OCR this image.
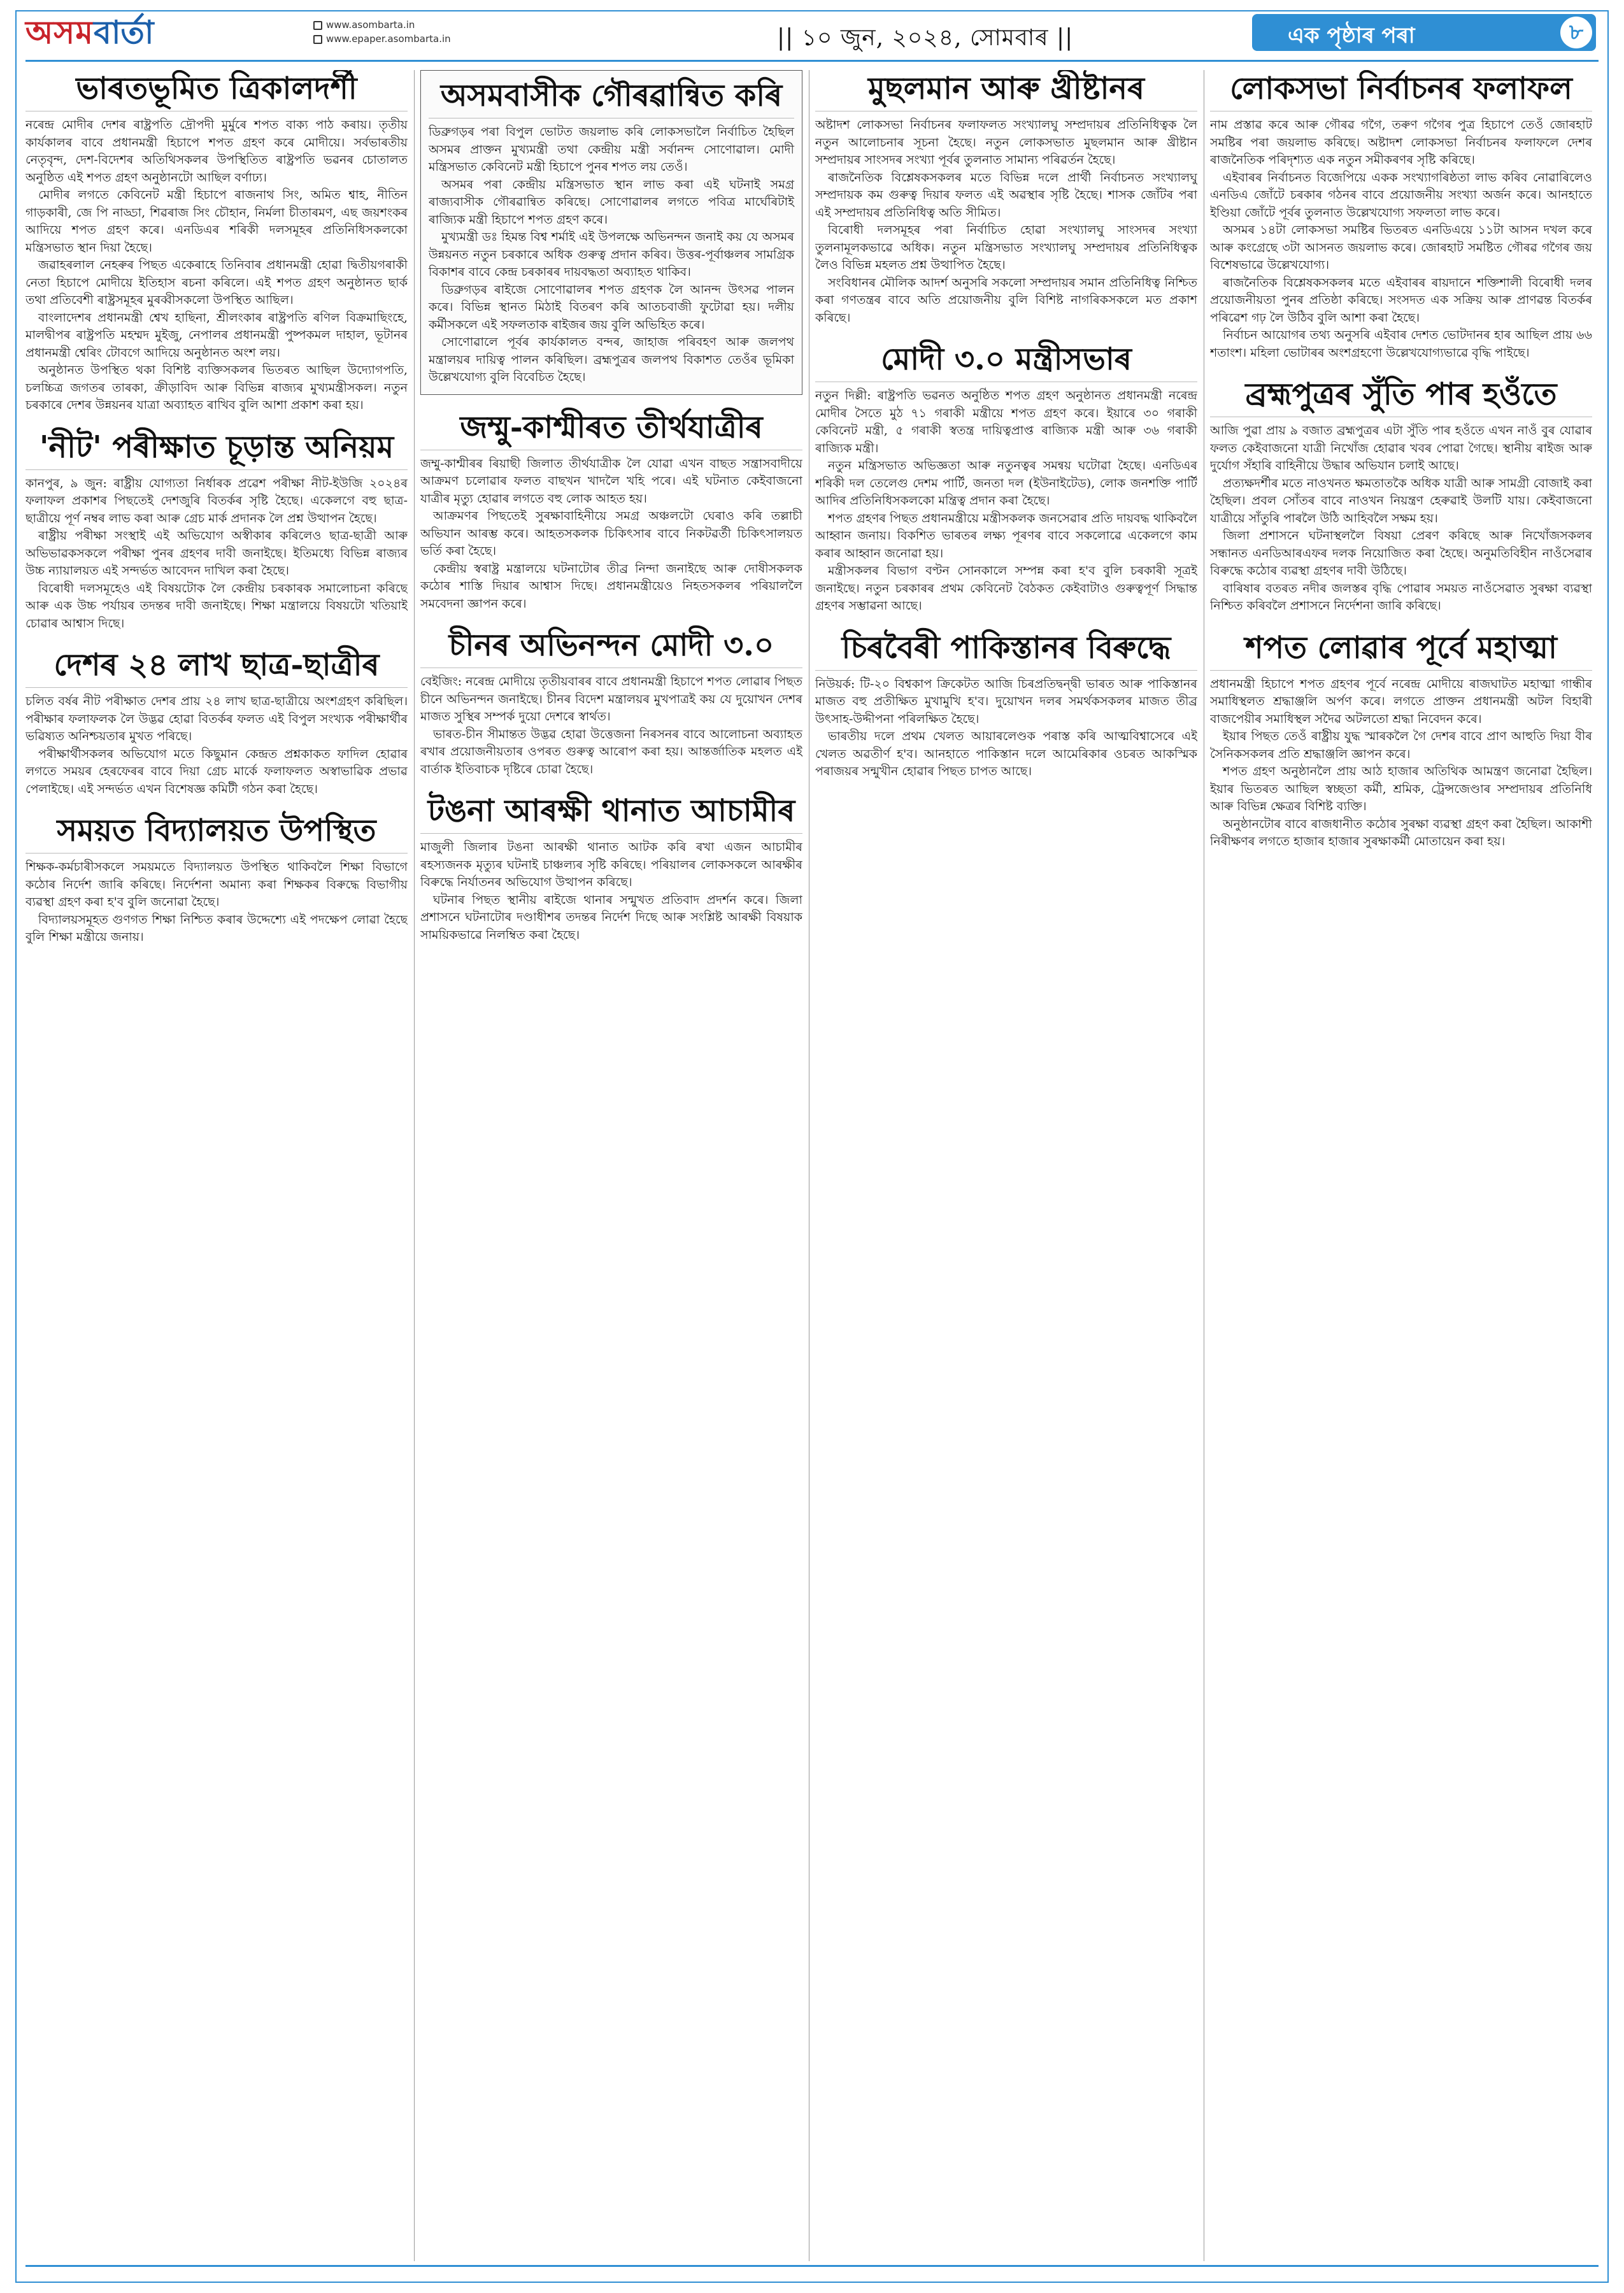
অসম বাৰ্তা	www.asombarta.in
www.epaper.asombarta.in	|| ১০ জুন, ২০২৪, সোমবাৰ ||	এক পৃষ্ঠাৰ পৰা	৮
ভাৰতভূমিত ত্ৰিকালদৰ্শী

নৰেন্দ্ৰ মোদীৰ দেশৰ ৰাষ্ট্ৰপতি দ্ৰৌপদী মুৰ্মুৰে শপত বাক্য পাঠ কৰায়। তৃতীয় কাৰ্যকালৰ বাবে প্ৰধানমন্ত্ৰী হিচাপে শপত গ্ৰহণ কৰে মোদীয়ে। সৰ্বভাৰতীয় নেতৃবৃন্দ, দেশ-বিদেশৰ অতিথিসকলৰ উপস্থিতিত ৰাষ্ট্ৰপতি ভৱনৰ চোতালত অনুষ্ঠিত এই শপত গ্ৰহণ অনুষ্ঠানটো আছিল বৰ্ণাঢ্য।

মোদীৰ লগতে কেবিনেট মন্ত্ৰী হিচাপে ৰাজনাথ সিং, অমিত শ্বাহ, নীতিন গাড়কাৰী, জে পি নাড্ডা, শিৱৰাজ সিং চৌহান, নিৰ্মলা চীতাৰমণ, এছ জয়শংকৰ আদিয়ে শপত গ্ৰহণ কৰে। এনডিএৰ শৰিকী দলসমূহৰ প্ৰতিনিধিসকলকো মন্ত্ৰিসভাত স্থান দিয়া হৈছে।

জৱাহৰলাল নেহৰুৰ পিছত একেৰাহে তিনিবাৰ প্ৰধানমন্ত্ৰী হোৱা দ্বিতীয়গৰাকী নেতা হিচাপে মোদীয়ে ইতিহাস ৰচনা কৰিলে। এই শপত গ্ৰহণ অনুষ্ঠানত ছাৰ্ক তথা প্ৰতিবেশী ৰাষ্ট্ৰসমূহৰ মুৰব্বীসকলো উপস্থিত আছিল।

বাংলাদেশৰ প্ৰধানমন্ত্ৰী শ্বেখ হাছিনা, শ্ৰীলংকাৰ ৰাষ্ট্ৰপতি ৰণিল বিক্ৰমাছিংহে, মালদ্বীপৰ ৰাষ্ট্ৰপতি মহম্মদ মুইজু, নেপালৰ প্ৰধানমন্ত্ৰী পুষ্পকমল দাহাল, ভূটানৰ প্ৰধানমন্ত্ৰী শ্বেৰিং টোবগে আদিয়ে অনুষ্ঠানত অংশ লয়।

অনুষ্ঠানত উপস্থিত থকা বিশিষ্ট ব্যক্তিসকলৰ ভিতৰত আছিল উদ্যোগপতি, চলচ্চিত্ৰ জগতৰ তাৰকা, ক্ৰীড়াবিদ আৰু বিভিন্ন ৰাজ্যৰ মুখ্যমন্ত্ৰীসকল। নতুন চৰকাৰে দেশৰ উন্নয়নৰ যাত্ৰা অব্যাহত ৰাখিব বুলি আশা প্ৰকাশ কৰা হয়।

'নীট' পৰীক্ষাত চূড়ান্ত অনিয়ম

কানপুৰ, ৯ জুন: ৰাষ্ট্ৰীয় যোগ্যতা নিৰ্ধাৰক প্ৰৱেশ পৰীক্ষা নীট-ইউজি ২০২৪ৰ ফলাফল প্ৰকাশৰ পিছতেই দেশজুৰি বিতৰ্কৰ সৃষ্টি হৈছে। একেলগে বহু ছাত্ৰ-ছাত্ৰীয়ে পূৰ্ণ নম্বৰ লাভ কৰা আৰু গ্ৰেচ মাৰ্ক প্ৰদানক লৈ প্ৰশ্ন উত্থাপন হৈছে।

ৰাষ্ট্ৰীয় পৰীক্ষা সংস্থাই এই অভিযোগ অস্বীকাৰ কৰিলেও ছাত্ৰ-ছাত্ৰী আৰু অভিভাৱকসকলে পৰীক্ষা পুনৰ গ্ৰহণৰ দাবী জনাইছে। ইতিমধ্যে বিভিন্ন ৰাজ্যৰ উচ্চ ন্যায়ালয়ত এই সন্দৰ্ভত আবেদন দাখিল কৰা হৈছে।

বিৰোধী দলসমূহেও এই বিষয়টোক লৈ কেন্দ্ৰীয় চৰকাৰক সমালোচনা কৰিছে আৰু এক উচ্চ পৰ্যায়ৰ তদন্তৰ দাবী জনাইছে। শিক্ষা মন্ত্ৰালয়ে বিষয়টো খতিয়াই চোৱাৰ আশ্বাস দিছে।

দেশৰ ২৪ লাখ ছাত্ৰ-ছাত্ৰীৰ

চলিত বৰ্ষৰ নীট পৰীক্ষাত দেশৰ প্ৰায় ২৪ লাখ ছাত্ৰ-ছাত্ৰীয়ে অংশগ্ৰহণ কৰিছিল। পৰীক্ষাৰ ফলাফলক লৈ উদ্ভৱ হোৱা বিতৰ্কৰ ফলত এই বিপুল সংখ্যক পৰীক্ষাৰ্থীৰ ভৱিষ্যত অনিশ্চয়তাৰ মুখত পৰিছে।

পৰীক্ষাৰ্থীসকলৰ অভিযোগ মতে কিছুমান কেন্দ্ৰত প্ৰশ্নকাকত ফাদিল হোৱাৰ লগতে সময়ৰ হেৰফেৰৰ বাবে দিয়া গ্ৰেচ মাৰ্কে ফলাফলত অস্বাভাৱিক প্ৰভাৱ পেলাইছে। এই সন্দৰ্ভত এখন বিশেষজ্ঞ কমিটী গঠন কৰা হৈছে।

সময়ত বিদ্যালয়ত উপস্থিত

শিক্ষক-কৰ্মচাৰীসকলে সময়মতে বিদ্যালয়ত উপস্থিত থাকিবলৈ শিক্ষা বিভাগে কঠোৰ নিৰ্দেশ জাৰি কৰিছে। নিৰ্দেশনা অমান্য কৰা শিক্ষকৰ বিৰুদ্ধে বিভাগীয় ব্যৱস্থা গ্ৰহণ কৰা হ'ব বুলি জনোৱা হৈছে।

বিদ্যালয়সমূহত গুণগত শিক্ষা নিশ্চিত কৰাৰ উদ্দেশ্যে এই পদক্ষেপ লোৱা হৈছে বুলি শিক্ষা মন্ত্ৰীয়ে জনায়।

অসমবাসীক গৌৰৱান্বিত কৰি

ডিব্ৰুগড়ৰ পৰা বিপুল ভোটত জয়লাভ কৰি লোকসভালৈ নিৰ্বাচিত হৈছিল অসমৰ প্ৰাক্তন মুখ্যমন্ত্ৰী তথা কেন্দ্ৰীয় মন্ত্ৰী সৰ্বানন্দ সোণোৱাল। মোদী মন্ত্ৰিসভাত কেবিনেট মন্ত্ৰী হিচাপে পুনৰ শপত লয় তেওঁ।

অসমৰ পৰা কেন্দ্ৰীয় মন্ত্ৰিসভাত স্থান লাভ কৰা এই ঘটনাই সমগ্ৰ ৰাজ্যবাসীক গৌৰৱান্বিত কৰিছে। সোণোৱালৰ লগতে পবিত্ৰ মাৰ্ঘেৰিটাই ৰাজ্যিক মন্ত্ৰী হিচাপে শপত গ্ৰহণ কৰে।

মুখ্যমন্ত্ৰী ডঃ হিমন্ত বিশ্ব শৰ্মাই এই উপলক্ষে অভিনন্দন জনাই কয় যে অসমৰ উন্নয়নত নতুন চৰকাৰে অধিক গুৰুত্ব প্ৰদান কৰিব। উত্তৰ-পূৰ্বাঞ্চলৰ সামগ্ৰিক বিকাশৰ বাবে কেন্দ্ৰ চৰকাৰৰ দায়বদ্ধতা অব্যাহত থাকিব।

ডিব্ৰুগড়ৰ ৰাইজে সোণোৱালৰ শপত গ্ৰহণক লৈ আনন্দ উৎসৱ পালন কৰে। বিভিন্ন স্থানত মিঠাই বিতৰণ কৰি আতচবাজী ফুটোৱা হয়। দলীয় কৰ্মীসকলে এই সফলতাক ৰাইজৰ জয় বুলি অভিহিত কৰে।

সোণোৱালে পূৰ্বৰ কাৰ্যকালত বন্দৰ, জাহাজ পৰিবহণ আৰু জলপথ মন্ত্ৰালয়ৰ দায়িত্ব পালন কৰিছিল। ব্ৰহ্মপুত্ৰৰ জলপথ বিকাশত তেওঁৰ ভূমিকা উল্লেখযোগ্য বুলি বিবেচিত হৈছে।

জম্মু-কাশ্মীৰত তীৰ্থযাত্ৰীৰ

জম্মু-কাশ্মীৰৰ ৰিয়াছী জিলাত তীৰ্থযাত্ৰীক লৈ যোৱা এখন বাছত সন্ত্ৰাসবাদীয়ে আক্ৰমণ চলোৱাৰ ফলত বাছখন খাদলৈ খহি পৰে। এই ঘটনাত কেইবাজনো যাত্ৰীৰ মৃত্যু হোৱাৰ লগতে বহু লোক আহত হয়।

আক্ৰমণৰ পিছতেই সুৰক্ষাবাহিনীয়ে সমগ্ৰ অঞ্চলটো ঘেৰাও কৰি তল্লাচী অভিযান আৰম্ভ কৰে। আহতসকলক চিকিৎসাৰ বাবে নিকটৱৰ্তী চিকিৎসালয়ত ভৰ্তি কৰা হৈছে।

কেন্দ্ৰীয় স্বৰাষ্ট্ৰ মন্ত্ৰালয়ে ঘটনাটোৰ তীব্ৰ নিন্দা জনাইছে আৰু দোষীসকলক কঠোৰ শাস্তি দিয়াৰ আশ্বাস দিছে। প্ৰধানমন্ত্ৰীয়েও নিহতসকলৰ পৰিয়াললৈ সমবেদনা জ্ঞাপন কৰে।

চীনৰ অভিনন্দন মোদী ৩.০

বেইজিং: নৰেন্দ্ৰ মোদীয়ে তৃতীয়বাৰৰ বাবে প্ৰধানমন্ত্ৰী হিচাপে শপত লোৱাৰ পিছত চীনে অভিনন্দন জনাইছে। চীনৰ বিদেশ মন্ত্ৰালয়ৰ মুখপাত্ৰই কয় যে দুয়োখন দেশৰ মাজত সুস্থিৰ সম্পৰ্ক দুয়ো দেশৰে স্বাৰ্থত।

ভাৰত-চীন সীমান্তত উদ্ভৱ হোৱা উত্তেজনা নিৰসনৰ বাবে আলোচনা অব্যাহত ৰখাৰ প্ৰয়োজনীয়তাৰ ওপৰত গুৰুত্ব আৰোপ কৰা হয়। আন্তৰ্জাতিক মহলত এই বাৰ্তাক ইতিবাচক দৃষ্টিৰে চোৱা হৈছে।

টঙনা আৰক্ষী থানাত আচামীৰ

মাজুলী জিলাৰ টঙনা আৰক্ষী থানাত আটক কৰি ৰখা এজন আচামীৰ ৰহস্যজনক মৃত্যুৰ ঘটনাই চাঞ্চল্যৰ সৃষ্টি কৰিছে। পৰিয়ালৰ লোকসকলে আৰক্ষীৰ বিৰুদ্ধে নিৰ্যাতনৰ অভিযোগ উত্থাপন কৰিছে।

ঘটনাৰ পিছত স্থানীয় ৰাইজে থানাৰ সন্মুখত প্ৰতিবাদ প্ৰদৰ্শন কৰে। জিলা প্ৰশাসনে ঘটনাটোৰ দণ্ডাধীশৰ তদন্তৰ নিৰ্দেশ দিছে আৰু সংশ্লিষ্ট আৰক্ষী বিষয়াক সাময়িকভাৱে নিলম্বিত কৰা হৈছে।

মুছলমান আৰু খ্ৰীষ্টানৰ

অষ্টাদশ লোকসভা নিৰ্বাচনৰ ফলাফলত সংখ্যালঘু সম্প্ৰদায়ৰ প্ৰতিনিধিত্বক লৈ নতুন আলোচনাৰ সূচনা হৈছে। নতুন লোকসভাত মুছলমান আৰু খ্ৰীষ্টান সম্প্ৰদায়ৰ সাংসদৰ সংখ্যা পূৰ্বৰ তুলনাত সামান্য পৰিৱৰ্তন হৈছে।

ৰাজনৈতিক বিশ্লেষকসকলৰ মতে বিভিন্ন দলে প্ৰাৰ্থী নিৰ্বাচনত সংখ্যালঘু সম্প্ৰদায়ক কম গুৰুত্ব দিয়াৰ ফলত এই অৱস্থাৰ সৃষ্টি হৈছে। শাসক জোঁটৰ পৰা এই সম্প্ৰদায়ৰ প্ৰতিনিধিত্ব অতি সীমিত।

বিৰোধী দলসমূহৰ পৰা নিৰ্বাচিত হোৱা সংখ্যালঘু সাংসদৰ সংখ্যা তুলনামূলকভাৱে অধিক। নতুন মন্ত্ৰিসভাত সংখ্যালঘু সম্প্ৰদায়ৰ প্ৰতিনিধিত্বক লৈও বিভিন্ন মহলত প্ৰশ্ন উত্থাপিত হৈছে।

সংবিধানৰ মৌলিক আদৰ্শ অনুসৰি সকলো সম্প্ৰদায়ৰ সমান প্ৰতিনিধিত্ব নিশ্চিত কৰা গণতন্ত্ৰৰ বাবে অতি প্ৰয়োজনীয় বুলি বিশিষ্ট নাগৰিকসকলে মত প্ৰকাশ কৰিছে।

মোদী ৩.০ মন্ত্ৰীসভাৰ

নতুন দিল্লী: ৰাষ্ট্ৰপতি ভৱনত অনুষ্ঠিত শপত গ্ৰহণ অনুষ্ঠানত প্ৰধানমন্ত্ৰী নৰেন্দ্ৰ মোদীৰ সৈতে মুঠ ৭১ গৰাকী মন্ত্ৰীয়ে শপত গ্ৰহণ কৰে। ইয়াৰে ৩০ গৰাকী কেবিনেট মন্ত্ৰী, ৫ গৰাকী স্বতন্ত্ৰ দায়িত্বপ্ৰাপ্ত ৰাজ্যিক মন্ত্ৰী আৰু ৩৬ গৰাকী ৰাজ্যিক মন্ত্ৰী।

নতুন মন্ত্ৰিসভাত অভিজ্ঞতা আৰু নতুনত্বৰ সমন্বয় ঘটোৱা হৈছে। এনডিএৰ শৰিকী দল তেলেগু দেশম পাৰ্টি, জনতা দল (ইউনাইটেড), লোক জনশক্তি পাৰ্টি আদিৰ প্ৰতিনিধিসকলকো মন্ত্ৰিত্ব প্ৰদান কৰা হৈছে।

শপত গ্ৰহণৰ পিছত প্ৰধানমন্ত্ৰীয়ে মন্ত্ৰীসকলক জনসেৱাৰ প্ৰতি দায়বদ্ধ থাকিবলৈ আহ্বান জনায়। বিকশিত ভাৰতৰ লক্ষ্য পূৰণৰ বাবে সকলোৱে একেলগে কাম কৰাৰ আহ্বান জনোৱা হয়।

মন্ত্ৰীসকলৰ বিভাগ বণ্টন সোনকালে সম্পন্ন কৰা হ'ব বুলি চৰকাৰী সূত্ৰই জনাইছে। নতুন চৰকাৰৰ প্ৰথম কেবিনেট বৈঠকত কেইবাটাও গুৰুত্বপূৰ্ণ সিদ্ধান্ত গ্ৰহণৰ সম্ভাৱনা আছে।

চিৰবৈৰী পাকিস্তানৰ বিৰুদ্ধে

নিউয়ৰ্ক: টি-২০ বিশ্বকাপ ক্ৰিকেটত আজি চিৰপ্ৰতিদ্বন্দ্বী ভাৰত আৰু পাকিস্তানৰ মাজত বহু প্ৰতীক্ষিত মুখামুখি হ'ব। দুয়োখন দলৰ সমৰ্থকসকলৰ মাজত তীব্ৰ উৎসাহ-উদ্দীপনা পৰিলক্ষিত হৈছে।

ভাৰতীয় দলে প্ৰথম খেলত আয়াৰলেণ্ডক পৰাস্ত কৰি আত্মবিশ্বাসেৰে এই খেলত অৱতীৰ্ণ হ'ব। আনহাতে পাকিস্তান দলে আমেৰিকাৰ ওচৰত আকস্মিক পৰাজয়ৰ সন্মুখীন হোৱাৰ পিছত চাপত আছে।

লোকসভা নিৰ্বাচনৰ ফলাফল

নাম প্ৰস্তাৱ কৰে আৰু গৌৰৱ গগৈ, তৰুণ গগৈৰ পুত্ৰ হিচাপে তেওঁ জোৰহাট সমষ্টিৰ পৰা জয়লাভ কৰিছে। অষ্টাদশ লোকসভা নিৰ্বাচনৰ ফলাফলে দেশৰ ৰাজনৈতিক পৰিদৃশ্যত এক নতুন সমীকৰণৰ সৃষ্টি কৰিছে।

এইবাৰৰ নিৰ্বাচনত বিজেপিয়ে একক সংখ্যাগৰিষ্ঠতা লাভ কৰিব নোৱাৰিলেও এনডিএ জোঁটে চৰকাৰ গঠনৰ বাবে প্ৰয়োজনীয় সংখ্যা অৰ্জন কৰে। আনহাতে ইণ্ডিয়া জোঁটে পূৰ্বৰ তুলনাত উল্লেখযোগ্য সফলতা লাভ কৰে।

অসমৰ ১৪টা লোকসভা সমষ্টিৰ ভিতৰত এনডিএয়ে ১১টা আসন দখল কৰে আৰু কংগ্ৰেছে ৩টা আসনত জয়লাভ কৰে। জোৰহাট সমষ্টিত গৌৰৱ গগৈৰ জয় বিশেষভাৱে উল্লেখযোগ্য।

ৰাজনৈতিক বিশ্লেষকসকলৰ মতে এইবাৰৰ ৰায়দানে শক্তিশালী বিৰোধী দলৰ প্ৰয়োজনীয়তা পুনৰ প্ৰতিষ্ঠা কৰিছে। সংসদত এক সক্ৰিয় আৰু প্ৰাণৱন্ত বিতৰ্কৰ পৰিৱেশ গঢ় লৈ উঠিব বুলি আশা কৰা হৈছে।

নিৰ্বাচন আয়োগৰ তথ্য অনুসৰি এইবাৰ দেশত ভোটদানৰ হাৰ আছিল প্ৰায় ৬৬ শতাংশ। মহিলা ভোটাৰৰ অংশগ্ৰহণো উল্লেখযোগ্যভাৱে বৃদ্ধি পাইছে।

ব্ৰহ্মপুত্ৰৰ সুঁতি পাৰ হওঁতে

আজি পুৱা প্ৰায় ৯ বজাত ব্ৰহ্মপুত্ৰৰ এটা সুঁতি পাৰ হওঁতে এখন নাওঁ বুৰ যোৱাৰ ফলত কেইবাজনো যাত্ৰী নিখোঁজ হোৱাৰ খবৰ পোৱা গৈছে। স্থানীয় ৰাইজ আৰু দুৰ্যোগ সঁহাৰি বাহিনীয়ে উদ্ধাৰ অভিযান চলাই আছে।

প্ৰত্যক্ষদৰ্শীৰ মতে নাওখনত ক্ষমতাতকৈ অধিক যাত্ৰী আৰু সামগ্ৰী বোজাই কৰা হৈছিল। প্ৰবল সোঁতৰ বাবে নাওখন নিয়ন্ত্ৰণ হেৰুৱাই উলটি যায়। কেইবাজনো যাত্ৰীয়ে সাঁতুৰি পাৰলৈ উঠি আহিবলৈ সক্ষম হয়।

জিলা প্ৰশাসনে ঘটনাস্থললৈ বিষয়া প্ৰেৰণ কৰিছে আৰু নিখোঁজসকলৰ সন্ধানত এনডিআৰএফৰ দলক নিয়োজিত কৰা হৈছে। অনুমতিবিহীন নাওঁসেৱাৰ বিৰুদ্ধে কঠোৰ ব্যৱস্থা গ্ৰহণৰ দাবী উঠিছে।

বাৰিষাৰ বতৰত নদীৰ জলস্তৰ বৃদ্ধি পোৱাৰ সময়ত নাওঁসেৱাত সুৰক্ষা ব্যৱস্থা নিশ্চিত কৰিবলৈ প্ৰশাসনে নিৰ্দেশনা জাৰি কৰিছে।

শপত লোৱাৰ পূৰ্বে মহাত্মা

প্ৰধানমন্ত্ৰী হিচাপে শপত গ্ৰহণৰ পূৰ্বে নৰেন্দ্ৰ মোদীয়ে ৰাজঘাটত মহাত্মা গান্ধীৰ সমাধিস্থলত শ্ৰদ্ধাঞ্জলি অৰ্পণ কৰে। লগতে প্ৰাক্তন প্ৰধানমন্ত্ৰী অটল বিহাৰী বাজপেয়ীৰ সমাধিস্থল সদৈৱ অটলতো শ্ৰদ্ধা নিবেদন কৰে।

ইয়াৰ পিছত তেওঁ ৰাষ্ট্ৰীয় যুদ্ধ স্মাৰকলৈ গৈ দেশৰ বাবে প্ৰাণ আহুতি দিয়া বীৰ সৈনিকসকলৰ প্ৰতি শ্ৰদ্ধাঞ্জলি জ্ঞাপন কৰে।

শপত গ্ৰহণ অনুষ্ঠানলৈ প্ৰায় আঠ হাজাৰ অতিথিক আমন্ত্ৰণ জনোৱা হৈছিল। ইয়াৰ ভিতৰত আছিল স্বচ্ছতা কৰ্মী, শ্ৰমিক, ট্ৰেন্সজেণ্ডাৰ সম্প্ৰদায়ৰ প্ৰতিনিধি আৰু বিভিন্ন ক্ষেত্ৰৰ বিশিষ্ট ব্যক্তি।

অনুষ্ঠানটোৰ বাবে ৰাজধানীত কঠোৰ সুৰক্ষা ব্যৱস্থা গ্ৰহণ কৰা হৈছিল। আকাশী নিৰীক্ষণৰ লগতে হাজাৰ হাজাৰ সুৰক্ষাকৰ্মী মোতায়েন কৰা হয়।
